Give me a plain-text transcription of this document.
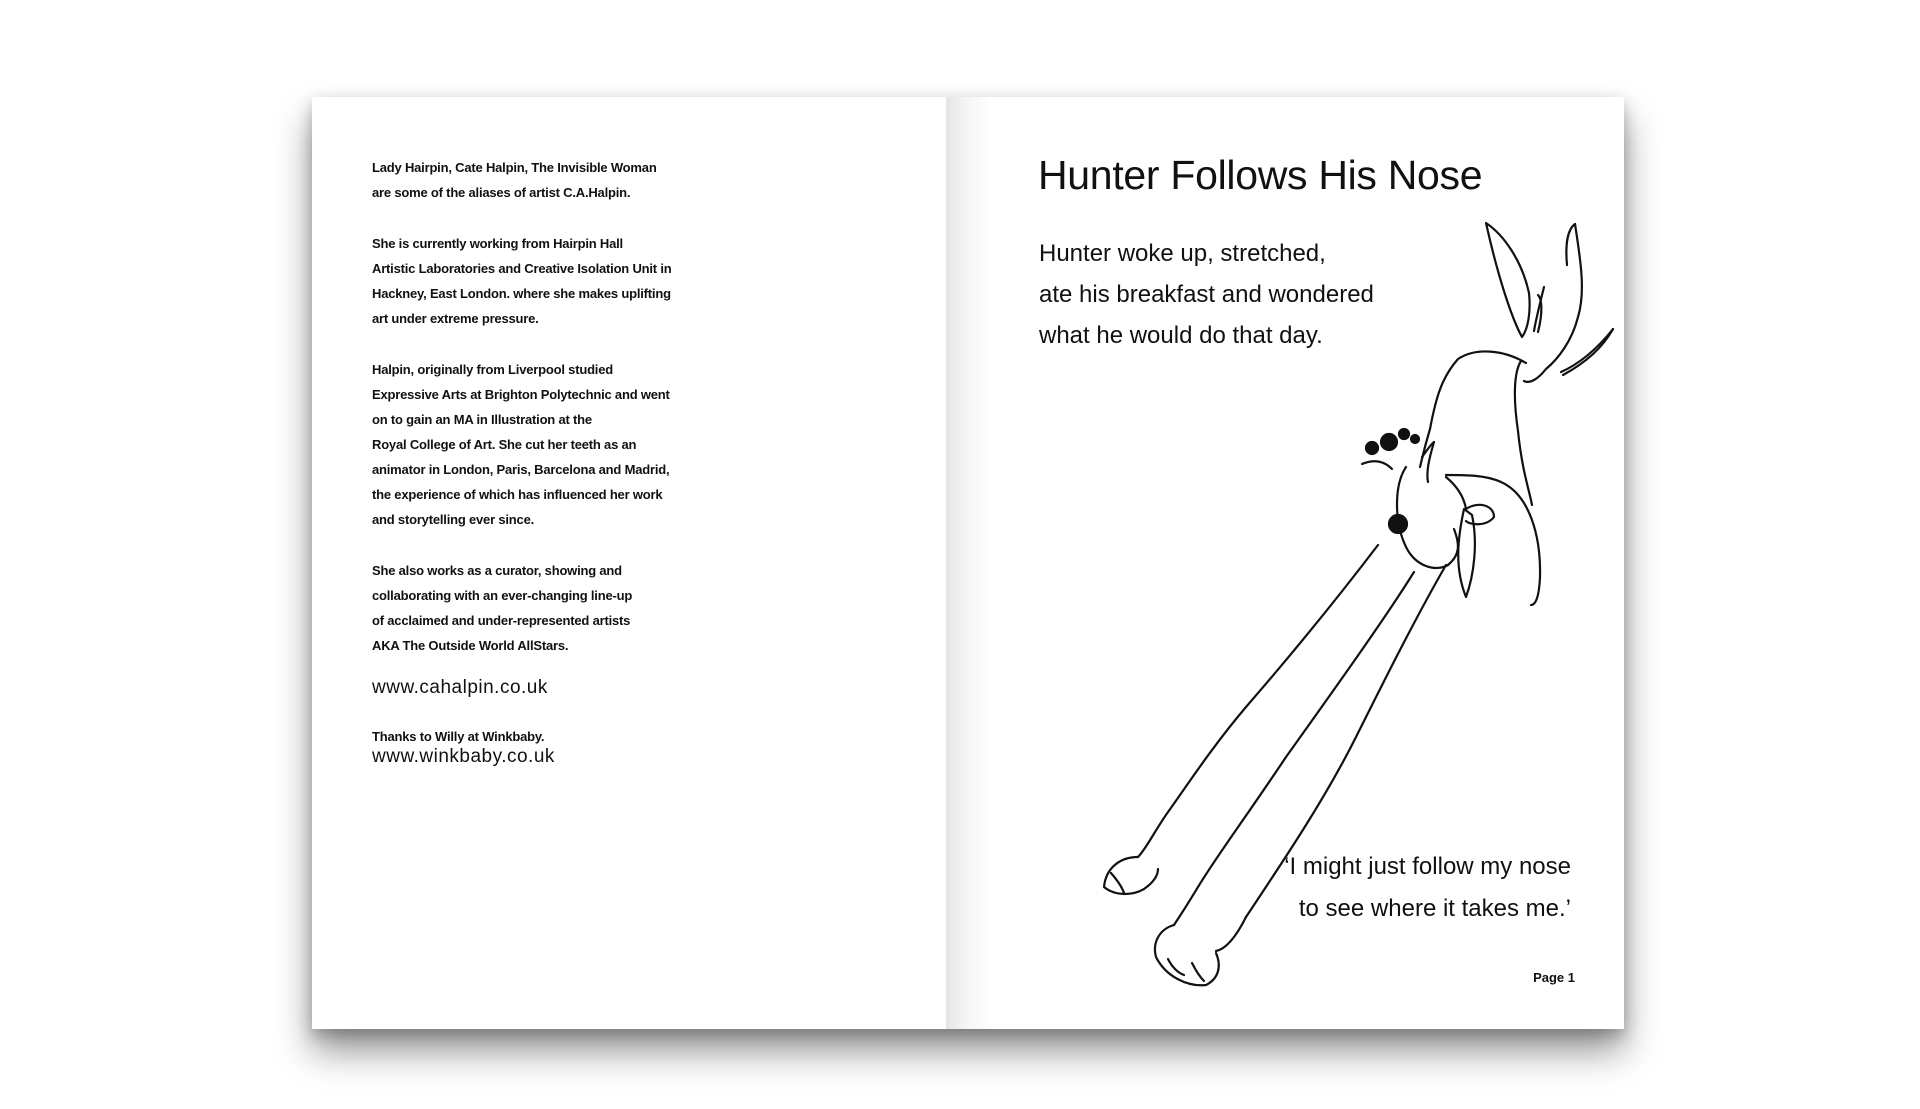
Lady Hairpin, Cate Halpin, The Invisible Woman
are some of the aliases of artist C.A.Halpin.

She is currently working from Hairpin Hall
Artistic Laboratories and Creative Isolation Unit in
Hackney, East London. where she makes uplifting
art under extreme pressure.

Halpin, originally from Liverpool studied
Expressive Arts at Brighton Polytechnic and went
on to gain an MA in Illustration at the
Royal College of Art. She cut her teeth as an
animator in London, Paris, Barcelona and Madrid,
the experience of which has influenced her work
and storytelling ever since.

She also works as a curator, showing and
collaborating with an ever-changing line-up
of acclaimed and under-represented artists
AKA The Outside World AllStars.

www.cahalpin.co.uk

Thanks to Willy at Winkbaby.

www.winkbaby.co.uk
Hunter Follows His Nose
Hunter woke up, stretched,
ate his breakfast and wondered
what he would do that day.
‘I might just follow my nose
to see where it takes me.’
Page 1
